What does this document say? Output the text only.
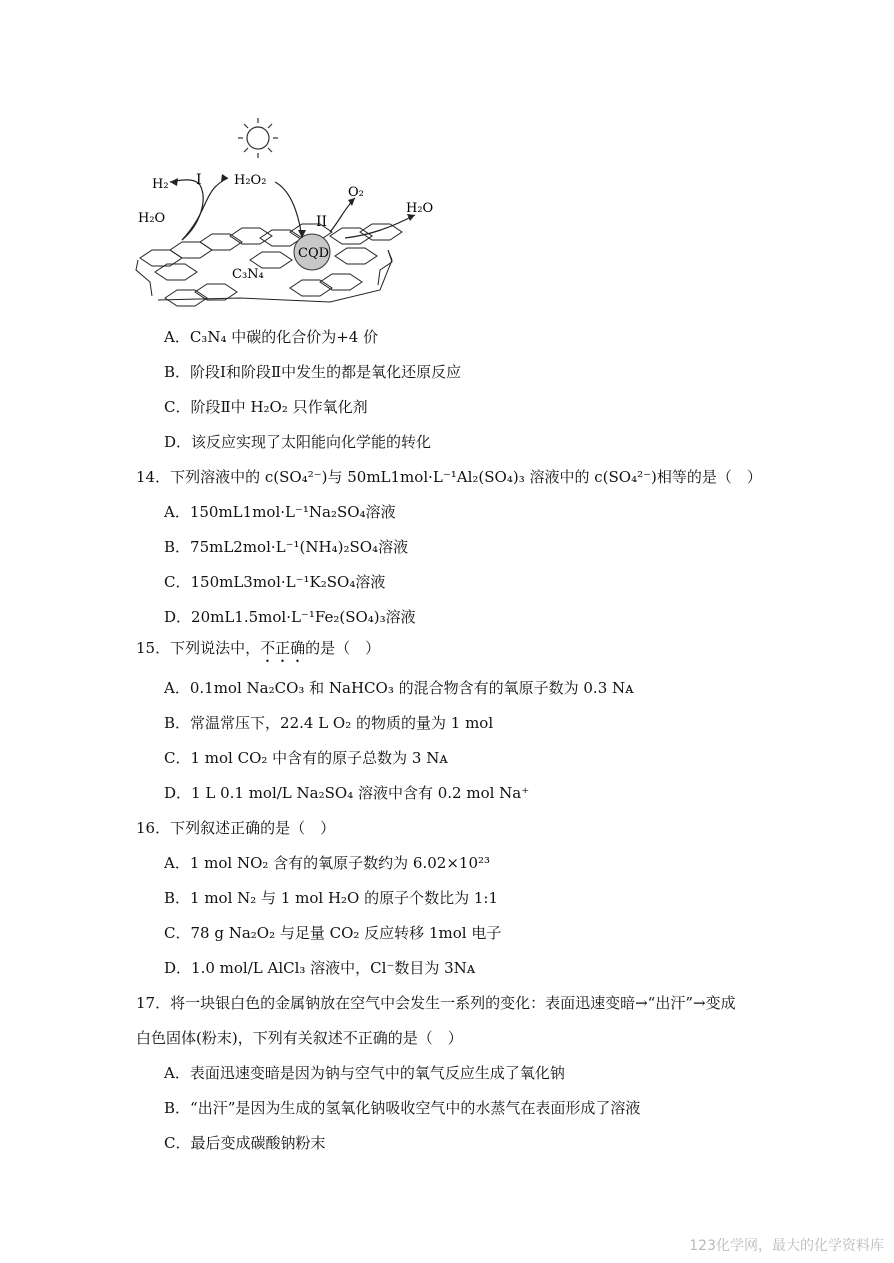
H₂
H₂O
H₂O₂
O₂
H₂O
I
II
CQD
C₃N₄
A．C₃N₄ 中碳的化合价为+4 价
B．阶段Ⅰ和阶段Ⅱ中发生的都是氧化还原反应
C．阶段Ⅱ中 H₂O₂ 只作氧化剂
D．该反应实现了太阳能向化学能的转化
14．下列溶液中的 c(SO₄²⁻)与 50mL1mol·L⁻¹Al₂(SO₄)₃ 溶液中的 c(SO₄²⁻)相等的是（　）
A．150mL1mol·L⁻¹Na₂SO₄溶液
B．75mL2mol·L⁻¹(NH₄)₂SO₄溶液
C．150mL3mol·L⁻¹K₂SO₄溶液
D．20mL1.5mol·L⁻¹Fe₂(SO₄)₃溶液
15．下列说法中，不正确的是（　）
A．0.1mol Na₂CO₃ 和 NaHCO₃ 的混合物含有的氧原子数为 0.3 Nᴀ
B．常温常压下，22.4 L O₂ 的物质的量为 1 mol
C．1 mol CO₂ 中含有的原子总数为 3 Nᴀ
D．1 L 0.1 mol/L Na₂SO₄ 溶液中含有 0.2 mol Na⁺
16．下列叙述正确的是（　）
A．1 mol NO₂ 含有的氧原子数约为 6.02×10²³
B．1 mol N₂ 与 1 mol H₂O 的原子个数比为 1:1
C．78 g Na₂O₂ 与足量 CO₂ 反应转移 1mol 电子
D．1.0 mol/L AlCl₃ 溶液中，Cl⁻数目为 3Nᴀ
17．将一块银白色的金属钠放在空气中会发生一系列的变化：表面迅速变暗→“出汗”→变成
白色固体(粉末)，下列有关叙述不正确的是（　）
A．表面迅速变暗是因为钠与空气中的氧气反应生成了氧化钠
B．“出汗”是因为生成的氢氧化钠吸收空气中的水蒸气在表面形成了溶液
C．最后变成碳酸钠粉末
123化学网，最大的化学资料库
